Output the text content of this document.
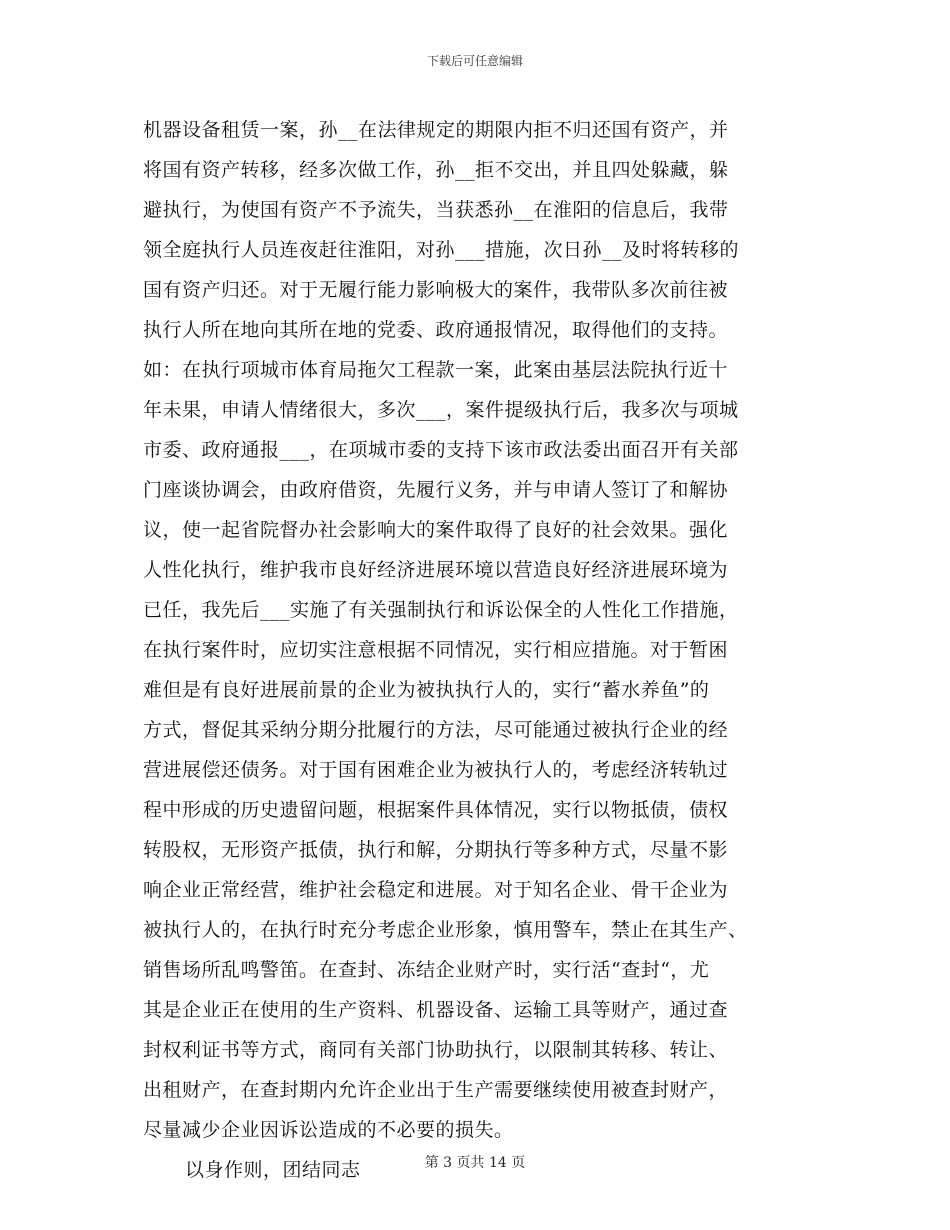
下载后可任意编辑
机器设备租赁一案，孙__在法律规定的期限内拒不归还国有资产，并
将国有资产转移，经多次做工作，孙__拒不交出，并且四处躲藏，躲
避执行，为使国有资产不予流失，当获悉孙__在淮阳的信息后，我带
领全庭执行人员连夜赶往淮阳，对孙___措施，次日孙__及时将转移的
国有资产归还。对于无履行能力影响极大的案件，我带队多次前往被
执行人所在地向其所在地的党委、政府通报情况，取得他们的支持。
如：在执行项城市体育局拖欠工程款一案，此案由基层法院执行近十
年未果，申请人情绪很大，多次___，案件提级执行后，我多次与项城
市委、政府通报___，在项城市委的支持下该市政法委出面召开有关部
门座谈协调会，由政府借资，先履行义务，并与申请人签订了和解协
议，使一起省院督办社会影响大的案件取得了良好的社会效果。强化
人性化执行，维护我市良好经济进展环境以营造良好经济进展环境为
已任，我先后___实施了有关强制执行和诉讼保全的人性化工作措施，
在执行案件时，应切实注意根据不同情况，实行相应措施。对于暂困
难但是有良好进展前景的企业为被执执行人的，实行“蓄水养鱼”的
方式，督促其采纳分期分批履行的方法，尽可能通过被执行企业的经
营进展偿还债务。对于国有困难企业为被执行人的，考虑经济转轨过
程中形成的历史遗留问题，根据案件具体情况，实行以物抵债，债权
转股权，无形资产抵债，执行和解，分期执行等多种方式，尽量不影
响企业正常经营，维护社会稳定和进展。对于知名企业、骨干企业为
被执行人的，在执行时充分考虑企业形象，慎用警车，禁止在其生产、
销售场所乱鸣警笛。在查封、冻结企业财产时，实行活“查封“，尤
其是企业正在使用的生产资料、机器设备、运输工具等财产，通过查
封权利证书等方式，商同有关部门协助执行，以限制其转移、转让、
出租财产，在查封期内允许企业出于生产需要继续使用被查封财产，
尽量减少企业因诉讼造成的不必要的损失。
以身作则，团结同志	第 3 页共 14 页
